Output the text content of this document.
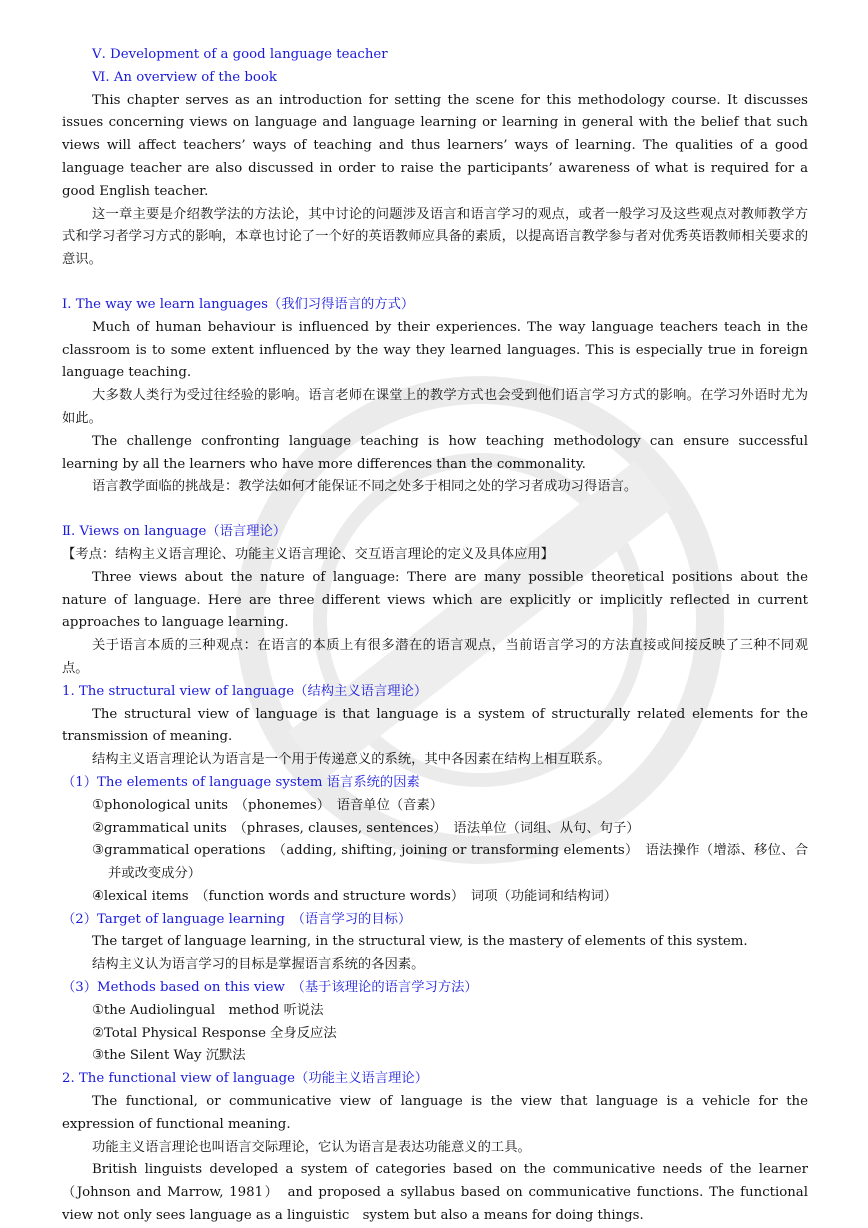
Ⅴ. Development of a good language teacher

Ⅵ. An overview of the book

This chapter serves as an introduction for setting the scene for this methodology course. It discusses issues concerning views on language and language learning or learning in general with the belief that such views will affect teachers’ ways of teaching and thus learners’ ways of learning. The qualities of a good language teacher are also discussed in order to raise the participants’ awareness of what is required for a good English teacher.

这一章主要是介绍教学法的方法论，其中讨论的问题涉及语言和语言学习的观点，或者一般学习及这些观点对教师教学方式和学习者学习方式的影响，本章也讨论了一个好的英语教师应具备的素质，以提高语言教学参与者对优秀英语教师相关要求的意识。

Ⅰ. The way we learn languages（我们习得语言的方式）

Much of human behaviour is influenced by their experiences. The way language teachers teach in the classroom is to some extent influenced by the way they learned languages. This is especially true in foreign language teaching.

大多数人类行为受过往经验的影响。语言老师在课堂上的教学方式也会受到他们语言学习方式的影响。在学习外语时尤为如此。

The challenge confronting language teaching is how teaching methodology can ensure successful learning by all the learners who have more differences than the commonality.

语言教学面临的挑战是：教学法如何才能保证不同之处多于相同之处的学习者成功习得语言。

Ⅱ. Views on language（语言理论）

【考点：结构主义语言理论、功能主义语言理论、交互语言理论的定义及具体应用】

Three views about the nature of language: There are many possible theoretical positions about the nature of language. Here are three different views which are explicitly or implicitly reflected in current approaches to language learning.

关于语言本质的三种观点：在语言的本质上有很多潜在的语言观点，当前语言学习的方法直接或间接反映了三种不同观点。

1. The structural view of language（结构主义语言理论）

The structural view of language is that language is a system of structurally related elements for the transmission of meaning.

结构主义语言理论认为语言是一个用于传递意义的系统，其中各因素在结构上相互联系。

（1）The elements of language system 语言系统的因素

①phonological units　（phonemes）　语音单位（音素）

②grammatical units　（phrases, clauses, sentences）　语法单位（词组、从句、句子）

③grammatical operations　（adding, shifting, joining or transforming elements）　语法操作（增添、移位、合并或改变成分）

④lexical items　（function words and structure words）　词项（功能词和结构词）

（2）Target of language learning　（语言学习的目标）

The target of language learning, in the structural view, is the mastery of elements of this system.

结构主义认为语言学习的目标是掌握语言系统的各因素。

（3）Methods based on this view　（基于该理论的语言学习方法）

①the Audiolingual　method 听说法

②Total Physical Response 全身反应法

③the Silent Way 沉默法

2. The functional view of language（功能主义语言理论）

The functional, or communicative view of language is the view that language is a vehicle for the expression of functional meaning.

功能主义语言理论也叫语言交际理论，它认为语言是表达功能意义的工具。

British linguists developed a system of categories based on the communicative needs of the learner　（Johnson and Marrow, 1981）　and proposed a syllabus based on communicative functions. The functional view not only sees language as a linguistic　system but also a means for doing things.
